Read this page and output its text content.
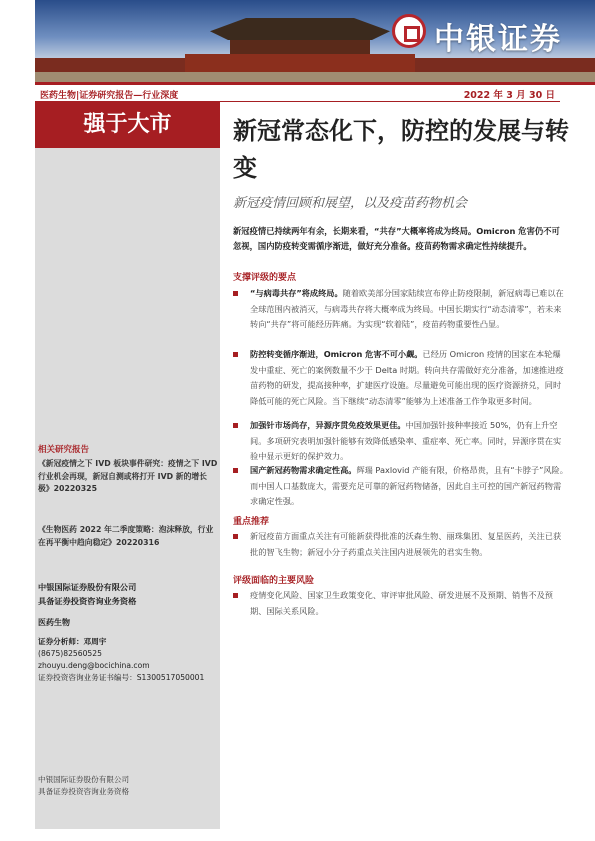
中银证券
医药生物|证券研究报告—行业深度	2022 年 3 月 30 日
强于大市	新冠常态化下，防控的发展与转变
新冠疫情回顾和展望，以及疫苗药物机会
新冠疫情已持续两年有余，长期来看，“共存”大概率将成为终局。Omicron 危害仍不可忽视，国内防疫转变需循序渐进，做好充分准备。疫苗药物需求确定性持续提升。
支撑评级的要点
“与病毒共存”将成终局。随着欧美部分国家陆续宣布停止防疫限制，新冠病毒已难以在全球范围内被消灭，与病毒共存将大概率成为终局。中国长期实行“动态清零”，若未来转向“共存”将可能经历阵痛。为实现“软着陆”，疫苗药物重要性凸显。
防控转变循序渐进，Omicron 危害不可小觑。已经历 Omicron 疫情的国家在本轮爆发中重症、死亡的案例数量不少于 Delta 时期。转向共存需做好充分准备，加速推进疫苗药物的研发，提高接种率，扩建医疗设施。尽量避免可能出现的医疗资源挤兑，同时降低可能的死亡风险。当下继续“动态清零”能够为上述准备工作争取更多时间。
加强针市场尚存，异源序贯免疫效果更佳。中国加强针接种率接近 50%，仍有上升空间。多项研究表明加强针能够有效降低感染率、重症率、死亡率。同时，异源序贯在实验中显示更好的保护效力。
国产新冠药物需求确定性高。辉瑞 Paxlovid 产能有限，价格昂贵，且有“卡脖子”风险。而中国人口基数庞大，需要充足可靠的新冠药物储备，因此自主可控的国产新冠药物需求确定性强。
重点推荐
新冠疫苗方面重点关注有可能新获得批准的沃森生物、丽珠集团、复星医药，关注已获批的智飞生物；新冠小分子药重点关注国内进展领先的君实生物。
评级面临的主要风险
疫情变化风险、国家卫生政策变化、审评审批风险、研发进展不及预期、销售不及预期、国际关系风险。
相关研究报告
《新冠疫情之下 IVD 板块事件研究：疫情之下 IVD 行业机会再现，新冠自测或将打开 IVD 新的增长极》20220325
《生物医药 2022 年二季度策略：泡沫释放，行业在再平衡中趋向稳定》20220316
中银国际证券股份有限公司
具备证券投资咨询业务资格
医药生物
证券分析师：邓周宇
(8675)82560525
zhouyu.deng@bocichina.com
证券投资咨询业务证书编号：S1300517050001
中银国际证券股份有限公司
具备证券投资咨询业务资格
